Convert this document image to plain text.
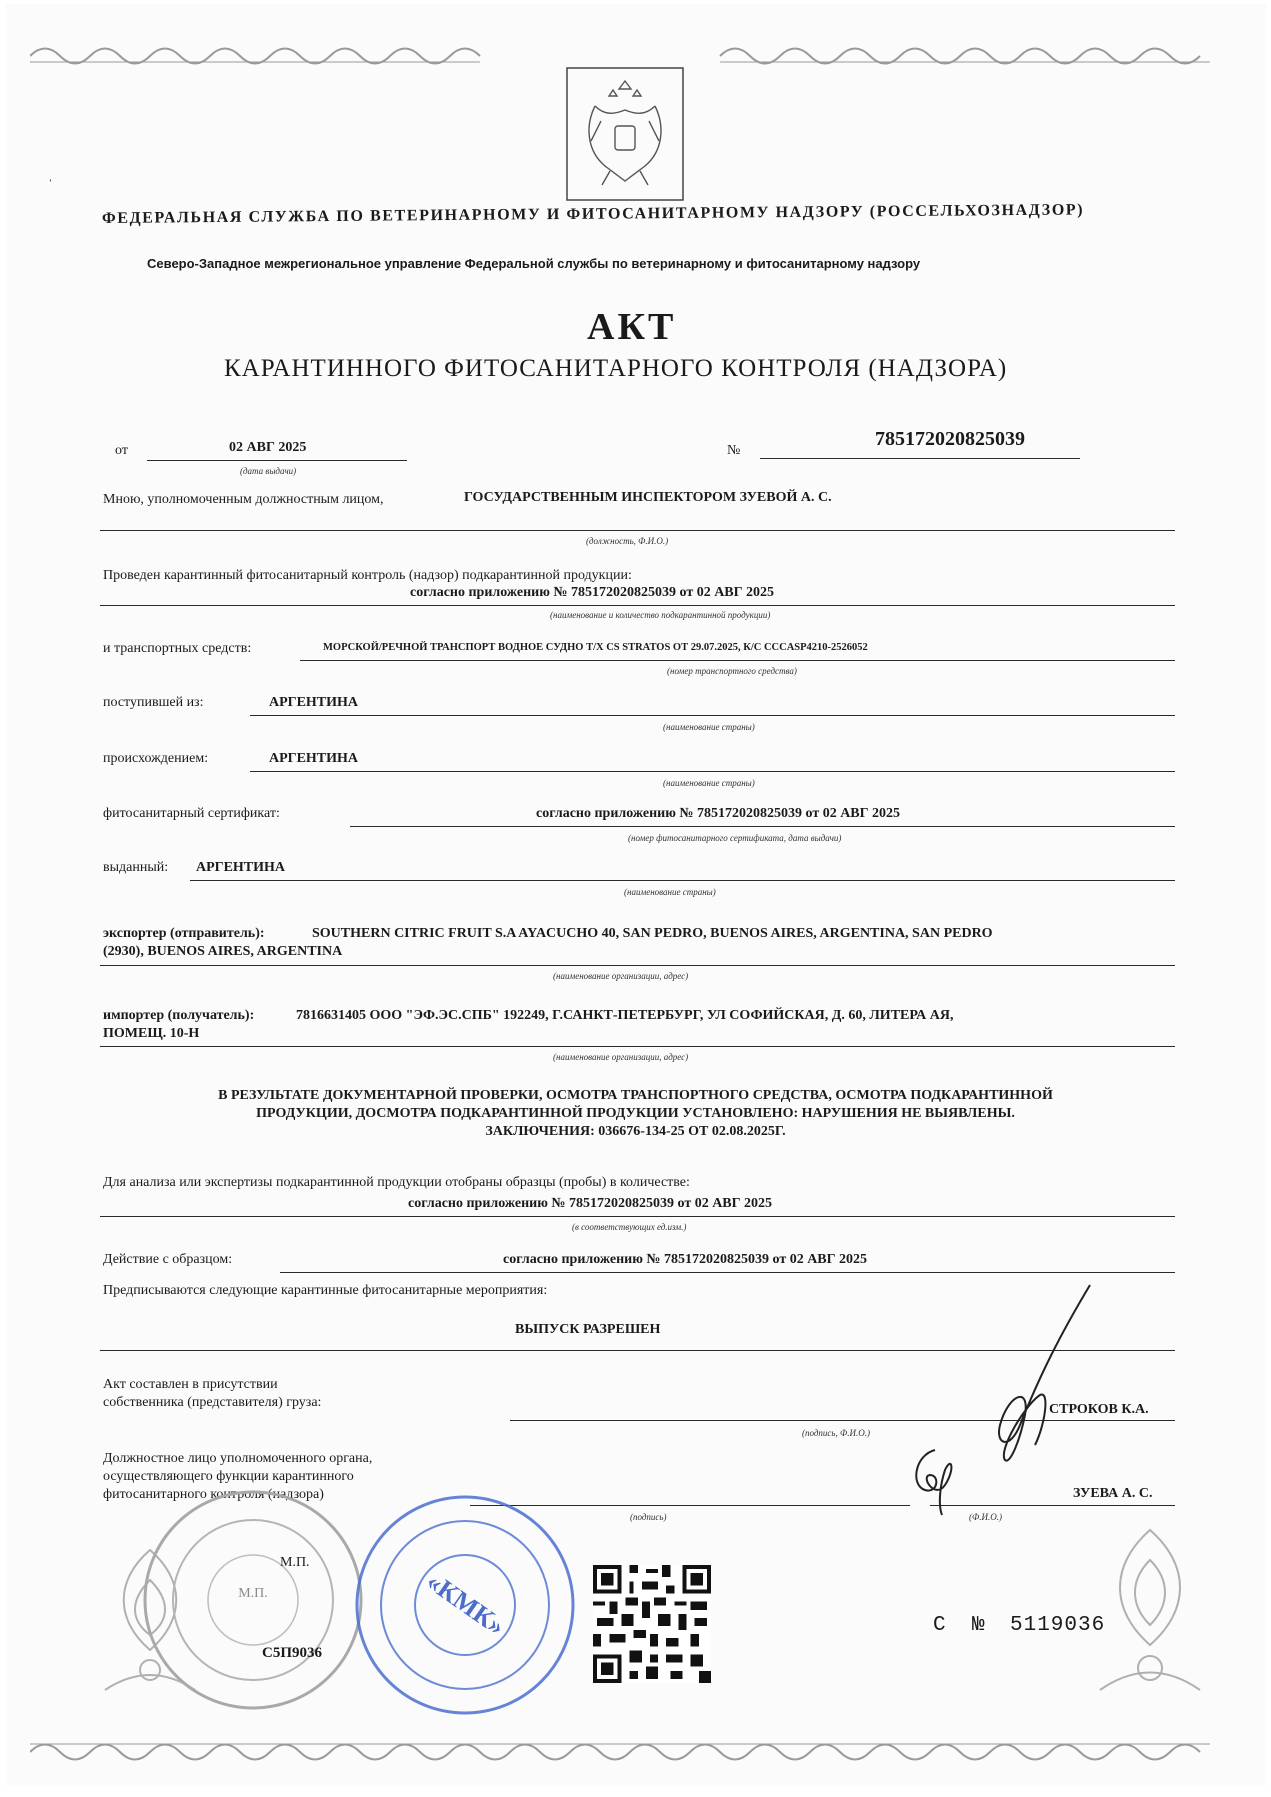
ˈ
ФЕДЕРАЛЬНАЯ СЛУЖБА ПО ВЕТЕРИНАРНОМУ И ФИТОСАНИТАРНОМУ НАДЗОРУ (РОССЕЛЬХОЗНАДЗОР)
Северо-Западное межрегиональное управление Федеральной службы по ветеринарному и фитосанитарному надзору
АКТ
КАРАНТИННОГО ФИТОСАНИТАРНОГО КОНТРОЛЯ (НАДЗОРА)
от	02 АВГ 2025
(дата выдачи)
№
785172020825039
Мною, уполномоченным должностным лицом,	ГОСУДАРСТВЕННЫМ ИНСПЕКТОРОМ ЗУЕВОЙ А. С.
(должность, Ф.И.О.)
Проведен карантинный фитосанитарный контроль (надзор) подкарантинной продукции:
согласно приложению № 785172020825039 от 02 АВГ 2025
(наименование и количество подкарантинной продукции)
и транспортных средств:	МОРСКОЙ/РЕЧНОЙ ТРАНСПОРТ ВОДНОЕ СУДНО Т/Х CS STRATOS ОТ 29.07.2025, К/С CCCASP4210-2526052
(номер транспортного средства)
поступившей из:	АРГЕНТИНА
(наименование страны)
происхождением:	АРГЕНТИНА
(наименование страны)
фитосанитарный сертификат:	согласно приложению № 785172020825039 от 02 АВГ 2025
(номер фитосанитарного сертификата, дата выдачи)
выданный: АРГЕНТИНА
(наименование страны)
экспортер (отправитель):	SOUTHERN CITRIC FRUIT S.A AYACUCHO 40, SAN PEDRO, BUENOS AIRES, ARGENTINA, SAN PEDRO
(2930), BUENOS AIRES, ARGENTINA
(наименование организации, адрес)
импортер (получатель):	7816631405 ООО "ЭФ.ЭС.СПБ" 192249, Г.САНКТ-ПЕТЕРБУРГ, УЛ СОФИЙСКАЯ, Д. 60, ЛИТЕРА АЯ,
ПОМЕЩ. 10-Н
(наименование организации, адрес)
В РЕЗУЛЬТАТЕ ДОКУМЕНТАРНОЙ ПРОВЕРКИ, ОСМОТРА ТРАНСПОРТНОГО СРЕДСТВА, ОСМОТРА ПОДКАРАНТИННОЙ
ПРОДУКЦИИ, ДОСМОТРА ПОДКАРАНТИННОЙ ПРОДУКЦИИ УСТАНОВЛЕНО: НАРУШЕНИЯ НЕ ВЫЯВЛЕНЫ.
ЗАКЛЮЧЕНИЯ: 036676-134-25 ОТ 02.08.2025Г.
Для анализа или экспертизы подкарантинной продукции отобраны образцы (пробы) в количестве:
согласно приложению № 785172020825039 от 02 АВГ 2025
(в соответствующих ед.изм.)
Действие с образцом:	согласно приложению № 785172020825039 от 02 АВГ 2025
Предписываются следующие карантинные фитосанитарные мероприятия:
ВЫПУСК РАЗРЕШЕН
Акт составлен в присутствии
собственника (представителя) груза:	СТРОКОВ К.А.
(подпись, Ф.И.О.)
Должностное лицо уполномоченного органа,
осуществляющего функции карантинного
фитосанитарного контроля (надзора)	ЗУЕВА А. С.
(подпись)	(Ф.И.О.)
М.П.	«КМК»
М.П.
С5П9036
С № 5119036
